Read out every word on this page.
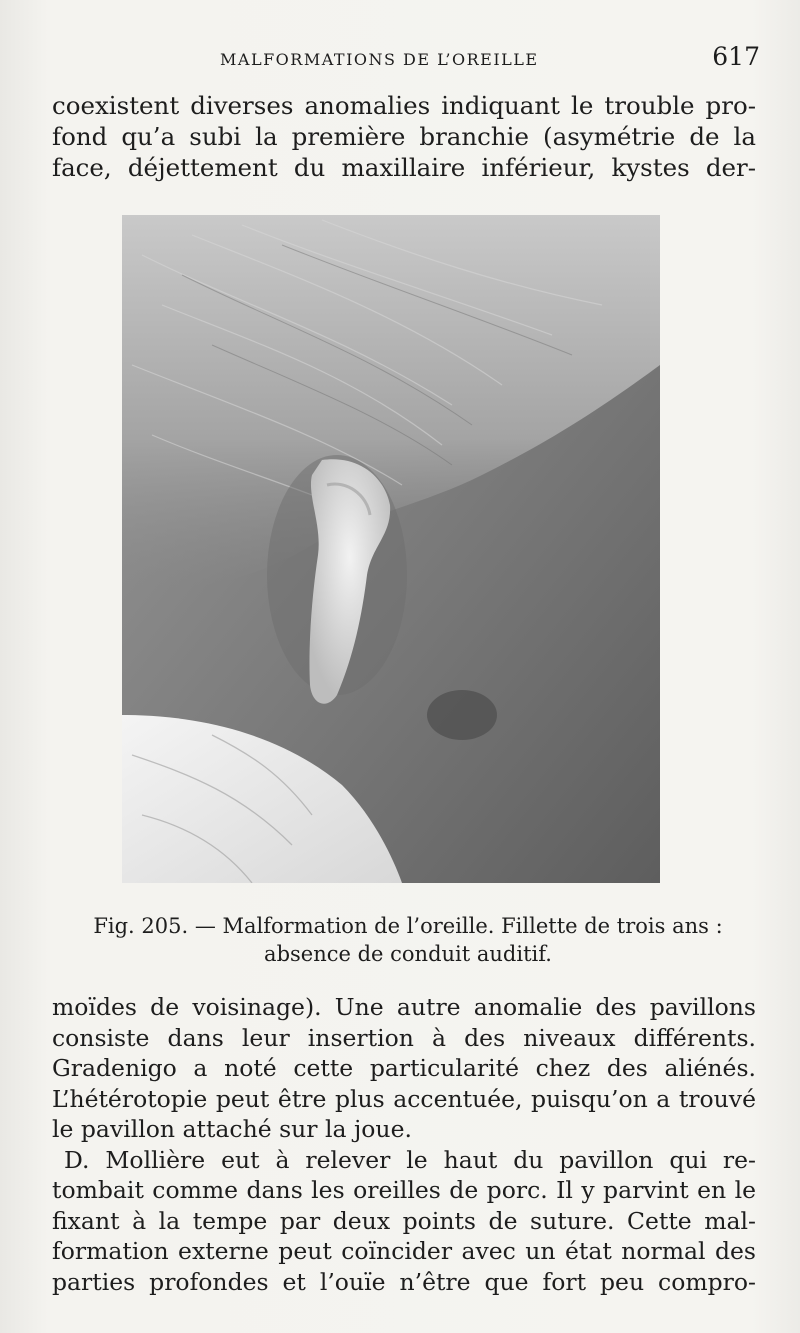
MALFORMATIONS DE L’OREILLE	617
coexistent diverses anomalies indiquant le trouble pro-
fond qu’a subi la première branchie (asymétrie de la
face, déjettement du maxillaire inférieur, kystes der-
Fig. 205. — Malformation de l’oreille. Fillette de trois ans :
absence de conduit auditif.
moïdes de voisinage). Une autre anomalie des pavillons
consiste dans leur insertion à des niveaux différents.
Gradenigo a noté cette particularité chez des aliénés.
L’hétérotopie peut être plus accentuée, puisqu’on a trouvé
le pavillon attaché sur la joue.
D. Mollière eut à relever le haut du pavillon qui re-
tombait comme dans les oreilles de porc. Il y parvint en le
fixant à la tempe par deux points de suture. Cette mal-
formation externe peut coïncider avec un état normal des
parties profondes et l’ouïe n’être que fort peu compro-
